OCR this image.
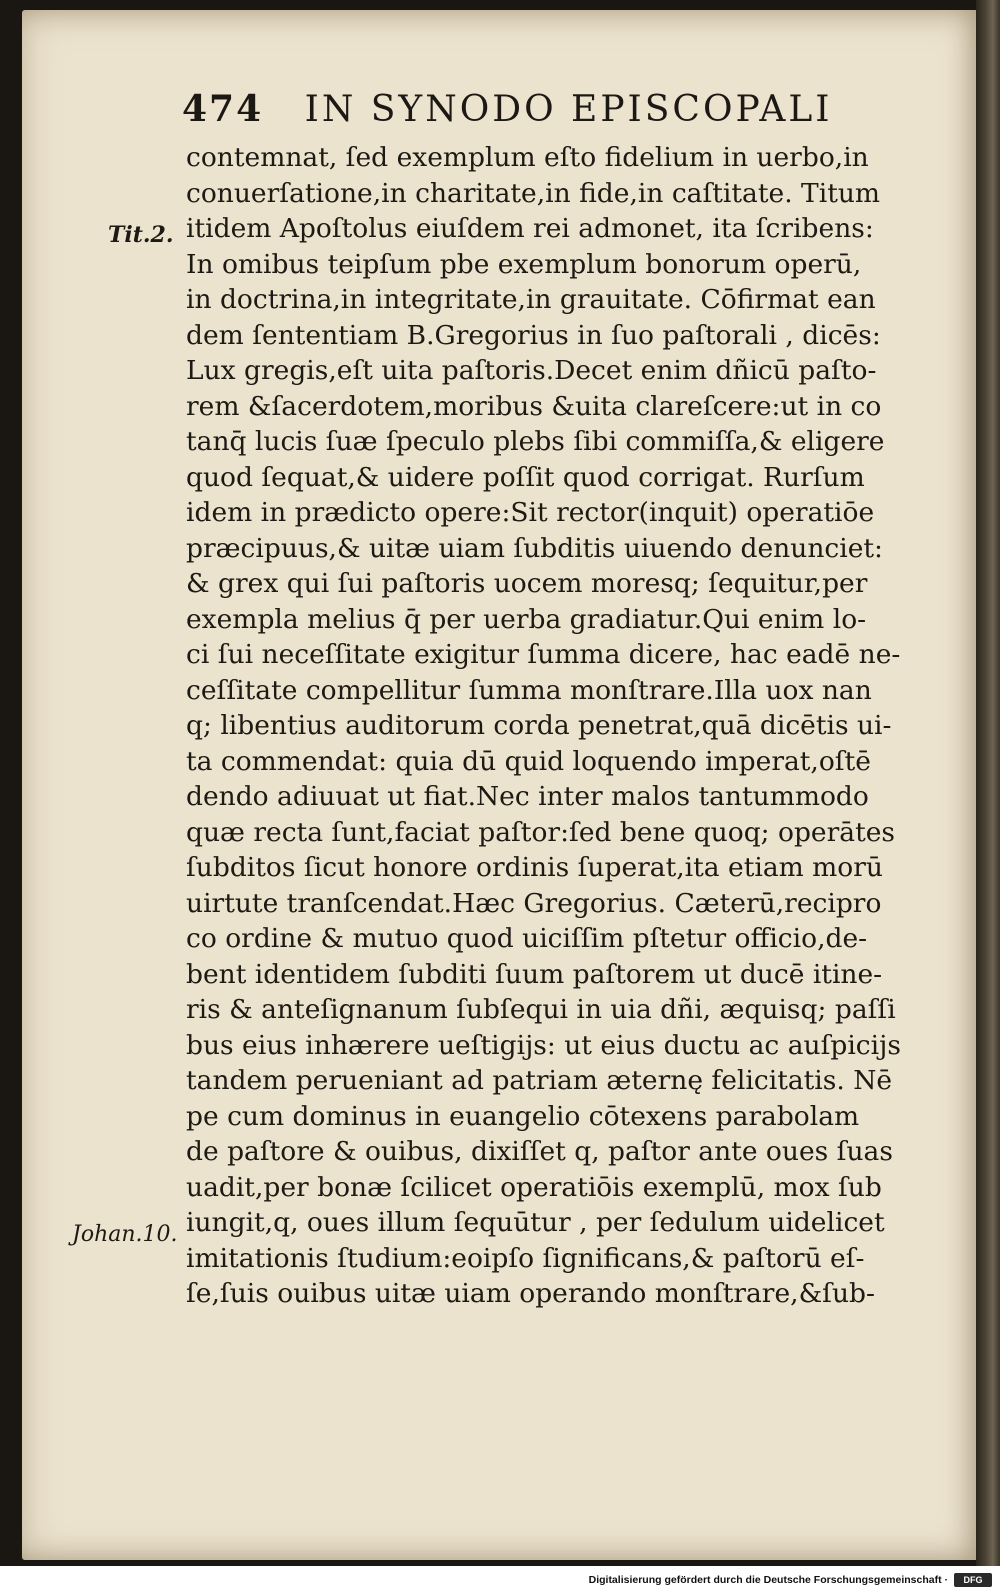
474 IN SYNODO EPISCOPALI
Tit.2.
Johan.10.
contemnat, ſed exemplum eſto fidelium in uerbo,in
conuerſatione,in charitate,in fide,in caſtitate. Titum
itidem Apoſtolus eiuſdem rei admonet, ita ſcribens:
In omibus teipſum pbe exemplum bonorum operū,
in doctrina,in integritate,in grauitate. Cōfirmat ean
dem ſententiam B.Gregorius in ſuo paſtorali , dicēs:
Lux gregis,eſt uita paſtoris.Decet enim dñicū paſto-
rem &ſacerdotem,moribus &uita clareſcere:ut in co
tanq̄ lucis ſuæ ſpeculo plebs ſibi commiſſa,& eligere
quod ſequat,& uidere poſſit quod corrigat. Rurſum
idem in prædicto opere:Sit rector(inquit) operatiōe
præcipuus,& uitæ uiam ſubditis uiuendo denunciet:
& grex qui ſui paſtoris uocem moresq; ſequitur,per
exempla melius q̄ per uerba gradiatur.Qui enim lo-
ci ſui neceſſitate exigitur ſumma dicere, hac eadē ne-
ceſſitate compellitur ſumma monſtrare.Illa uox nan
q; libentius auditorum corda penetrat,quā dicētis ui-
ta commendat: quia dū quid loquendo imperat,oſtē
dendo adiuuat ut fiat.Nec inter malos tantummodo
quæ recta ſunt,faciat paſtor:ſed bene quoq; operātes
ſubditos ſicut honore ordinis ſuperat,ita etiam morū
uirtute tranſcendat.Hæc Gregorius. Cæterū,recipro
co ordine & mutuo quod uiciſſim pſtetur officio,de-
bent identidem ſubditi ſuum paſtorem ut ducē itine-
ris & anteſignanum ſubſequi in uia dñi, æquisq; paſſi
bus eius inhærere ueſtigijs: ut eius ductu ac auſpicijs
tandem perueniant ad patriam æternę felicitatis. Nē
pe cum dominus in euangelio cōtexens parabolam
de paſtore & ouibus, dixiſſet q, paſtor ante oues ſuas
uadit,per bonæ ſcilicet operatiōis exemplū, mox ſub
iungit,q, oues illum ſequūtur , per ſedulum uidelicet
imitationis ſtudium:eoipſo ſignificans,& paſtorū eſ-
ſe,ſuis ouibus uitæ uiam operando monſtrare,&ſub-
Digitalisierung gefördert durch die Deutsche Forschungsgemeinschaft ·	DFG
